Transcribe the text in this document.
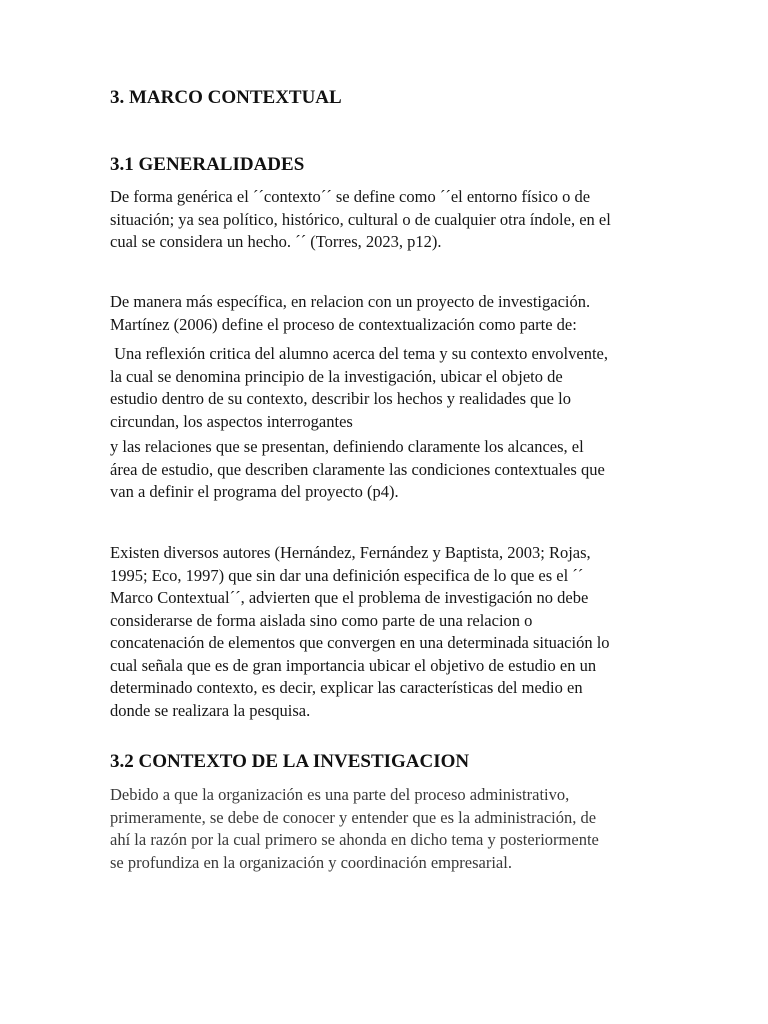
3. MARCO CONTEXTUAL
3.1 GENERALIDADES

De forma genérica el ´´contexto´´ se define como ´´el entorno físico o de
situación; ya sea político, histórico, cultural o de cualquier otra índole, en el
cual se considera un hecho. ´´ (Torres, 2023, p12).

De manera más específica, en relacion con un proyecto de investigación.
Martínez (2006) define el proceso de contextualización como parte de:

Una reflexión critica del alumno acerca del tema y su contexto envolvente,
la cual se denomina principio de la investigación, ubicar el objeto de
estudio dentro de su contexto, describir los hechos y realidades que lo
circundan, los aspectos interrogantes

y las relaciones que se presentan, definiendo claramente los alcances, el
área de estudio, que describen claramente las condiciones contextuales que
van a definir el programa del proyecto (p4).

Existen diversos autores (Hernández, Fernández y Baptista, 2003; Rojas,
1995; Eco, 1997) que sin dar una definición especifica de lo que es el ´´
Marco Contextual´´, advierten que el problema de investigación no debe
considerarse de forma aislada sino como parte de una relacion o
concatenación de elementos que convergen en una determinada situación lo
cual señala que es de gran importancia ubicar el objetivo de estudio en un
determinado contexto, es decir, explicar las características del medio en
donde se realizara la pesquisa.

3.2 CONTEXTO DE LA INVESTIGACION

Debido a que la organización es una parte del proceso administrativo,
primeramente, se debe de conocer y entender que es la administración, de
ahí la razón por la cual primero se ahonda en dicho tema y posteriormente
se profundiza en la organización y coordinación empresarial.
